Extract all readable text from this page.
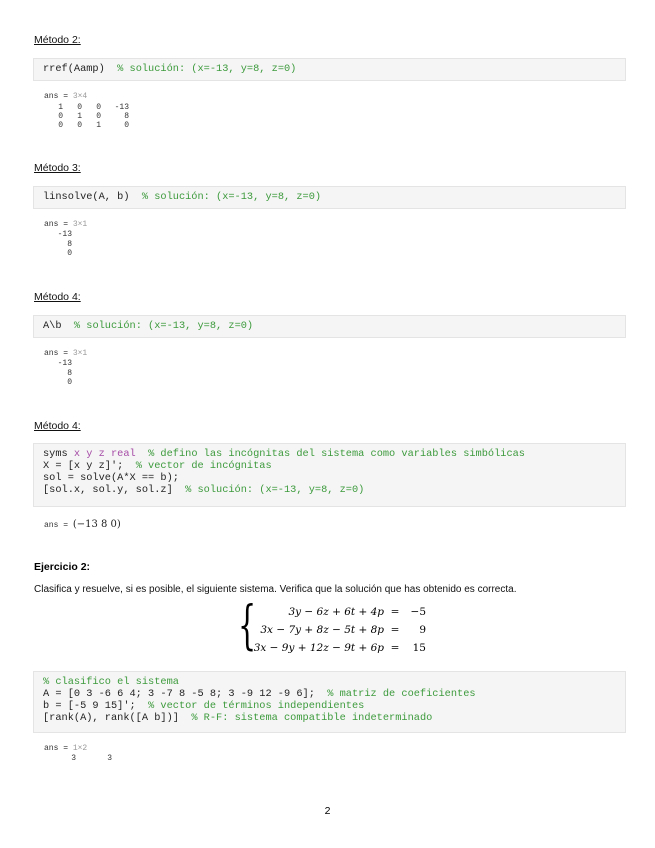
Método 2:
rref(Aamp) % solución: (x=-13, y=8, z=0)
ans = 3×4
1 0 0 -13
0 1 0	8
0 0 1	0
Método 3:
linsolve(A, b) % solución: (x=-13, y=8, z=0)
ans = 3×1
-13
8
0
Método 4:
A\b % solución: (x=-13, y=8, z=0)
ans = 3×1
-13
8
0
Método 4:
syms x y z real % defino las incógnitas del sistema como variables simbólicas
X = [x y z]'; % vector de incógnitas
sol = solve(A*X == b);
[sol.x, sol.y, sol.z] % solución: (x=-13, y=8, z=0)
ans = (−13 8 0)
Ejercicio 2:
Clasifica y resuelve, si es posible, el siguiente sistema. Verifica que la solución que has obtenido es correcta.
{	3y − 6z + 6t + 4p = −5
3x − 7y + 8z − 5t + 8p = 9
3x − 9y + 12z − 9t + 6p = 15
% clasifico el sistema
A = [0 3 -6 6 4; 3 -7 8 -5 8; 3 -9 12 -9 6]; % matriz de coeficientes
b = [-5 9 15]'; % vector de términos independientes
[rank(A), rank([A b])] % R-F: sistema compatible indeterminado
ans = 1×2
3	3
2
